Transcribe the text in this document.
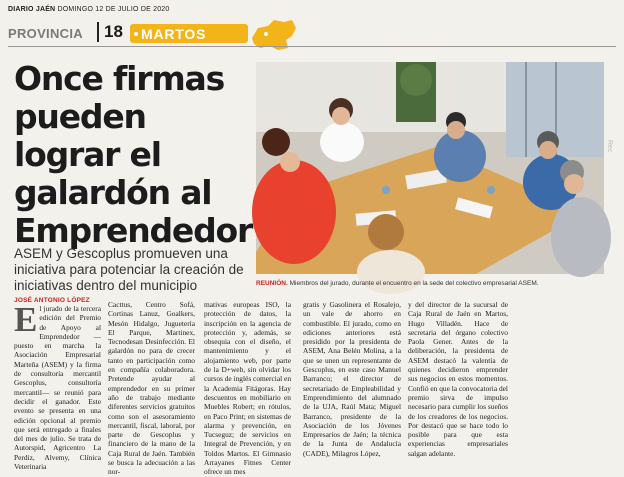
DIARIO JAÉN DOMINGO 12 DE JULIO DE 2020
PROVINCIA	18 MARTOS
Once firmas pueden lograr el galardón al Emprendedor
REUNIÓN. Miembros del jurado, durante el encuentro en la sede del colectivo empresarial ASEM.

ASEM y Gescoplus promueven una iniciativa para potenciar la creación de iniciativas dentro del municipio

JOSÉ ANTONIO LÓPEZ
E l jurado de la tercera edición del Premio de Apoyo al Emprendedor —puesto en marcha la Asociación Empresarial Marteña (ASEM) y la firma de consultoría mercantil Gescoplus, consultoría mercantil— se reunió para decidir el ganador. Este evento se presenta en una edición opcional al premio que será entregado a finales del mes de julio. Se trata de Autorspid, Agricentro La Perdiz, Alvemy, Clínica Veterinaria
Cacttus, Centro Sofá, Cortinas Lanuz, Goalkers, Mesón Hidalgo, Juguetería El Parque, Martinex, Tecnodesan Desinfección. El galardón no para de crecer tanto en participación como en compañía colaboradora. Pretende ayudar al emprendedor en su primer año de trabajo mediante diferentes servicios gratuitos como son el asesoramiento mercantil, fiscal, laboral, por parte de Gescoplus y financiero de la mano de la Caja Rural de Jaén. También se busca la adecuación a las nor-
mativas europeas ISO, la protección de datos, la inscripción en la agencia de protección y, además, se obsequia con el diseño, el mantenimiento y el alojamiento web, por parte de la D+web, sin olvidar los cursos de inglés comercial en la Academia Fitágoras. Hay descuentos en mobiliario en Muebles Robert; en rótulos, en Paco Print; en sistemas de alarma y prevención, en Tucseguz; de servicios en Integral de Prevención, y en Toldos Martos. El Gimnasio Arrayanes Fitnes Center ofrece un mes
gratis y Gasolinera el Rosalejo, un vale de ahorro en combustible. El jurado, como en ediciones anteriores está presidido por la presidenta de ASEM, Ana Belén Molina, a la que se unen un representante de Gescoplus, en este caso Manuel Barranco; el director de secretariado de Empleabilidad y Emprendimiento del alumnado de la UJA, Raúl Mata; Miguel Barranco, presidente de la Asociación de los Jóvenes Empresarios de Jaén; la técnica de la Junta de Andalucía (CADE), Milagros López,
y del director de la sucursal de Caja Rural de Jaén en Martos, Hugo Villadén. Hace de secretaria del órgano colectivo Paola Gener. Antes de la deliberación, la presidenta de ASEM destacó la valentía de quienes decidieron emprender sus negocios en estos momentos. Confió en que la convocatoria del premio sirva de impulso necesario para cumplir los sueños de los creadores de los negocios. Por destacó que se hace todo lo posible para que esta experiencias empresariales salgan adelante.
Rec
